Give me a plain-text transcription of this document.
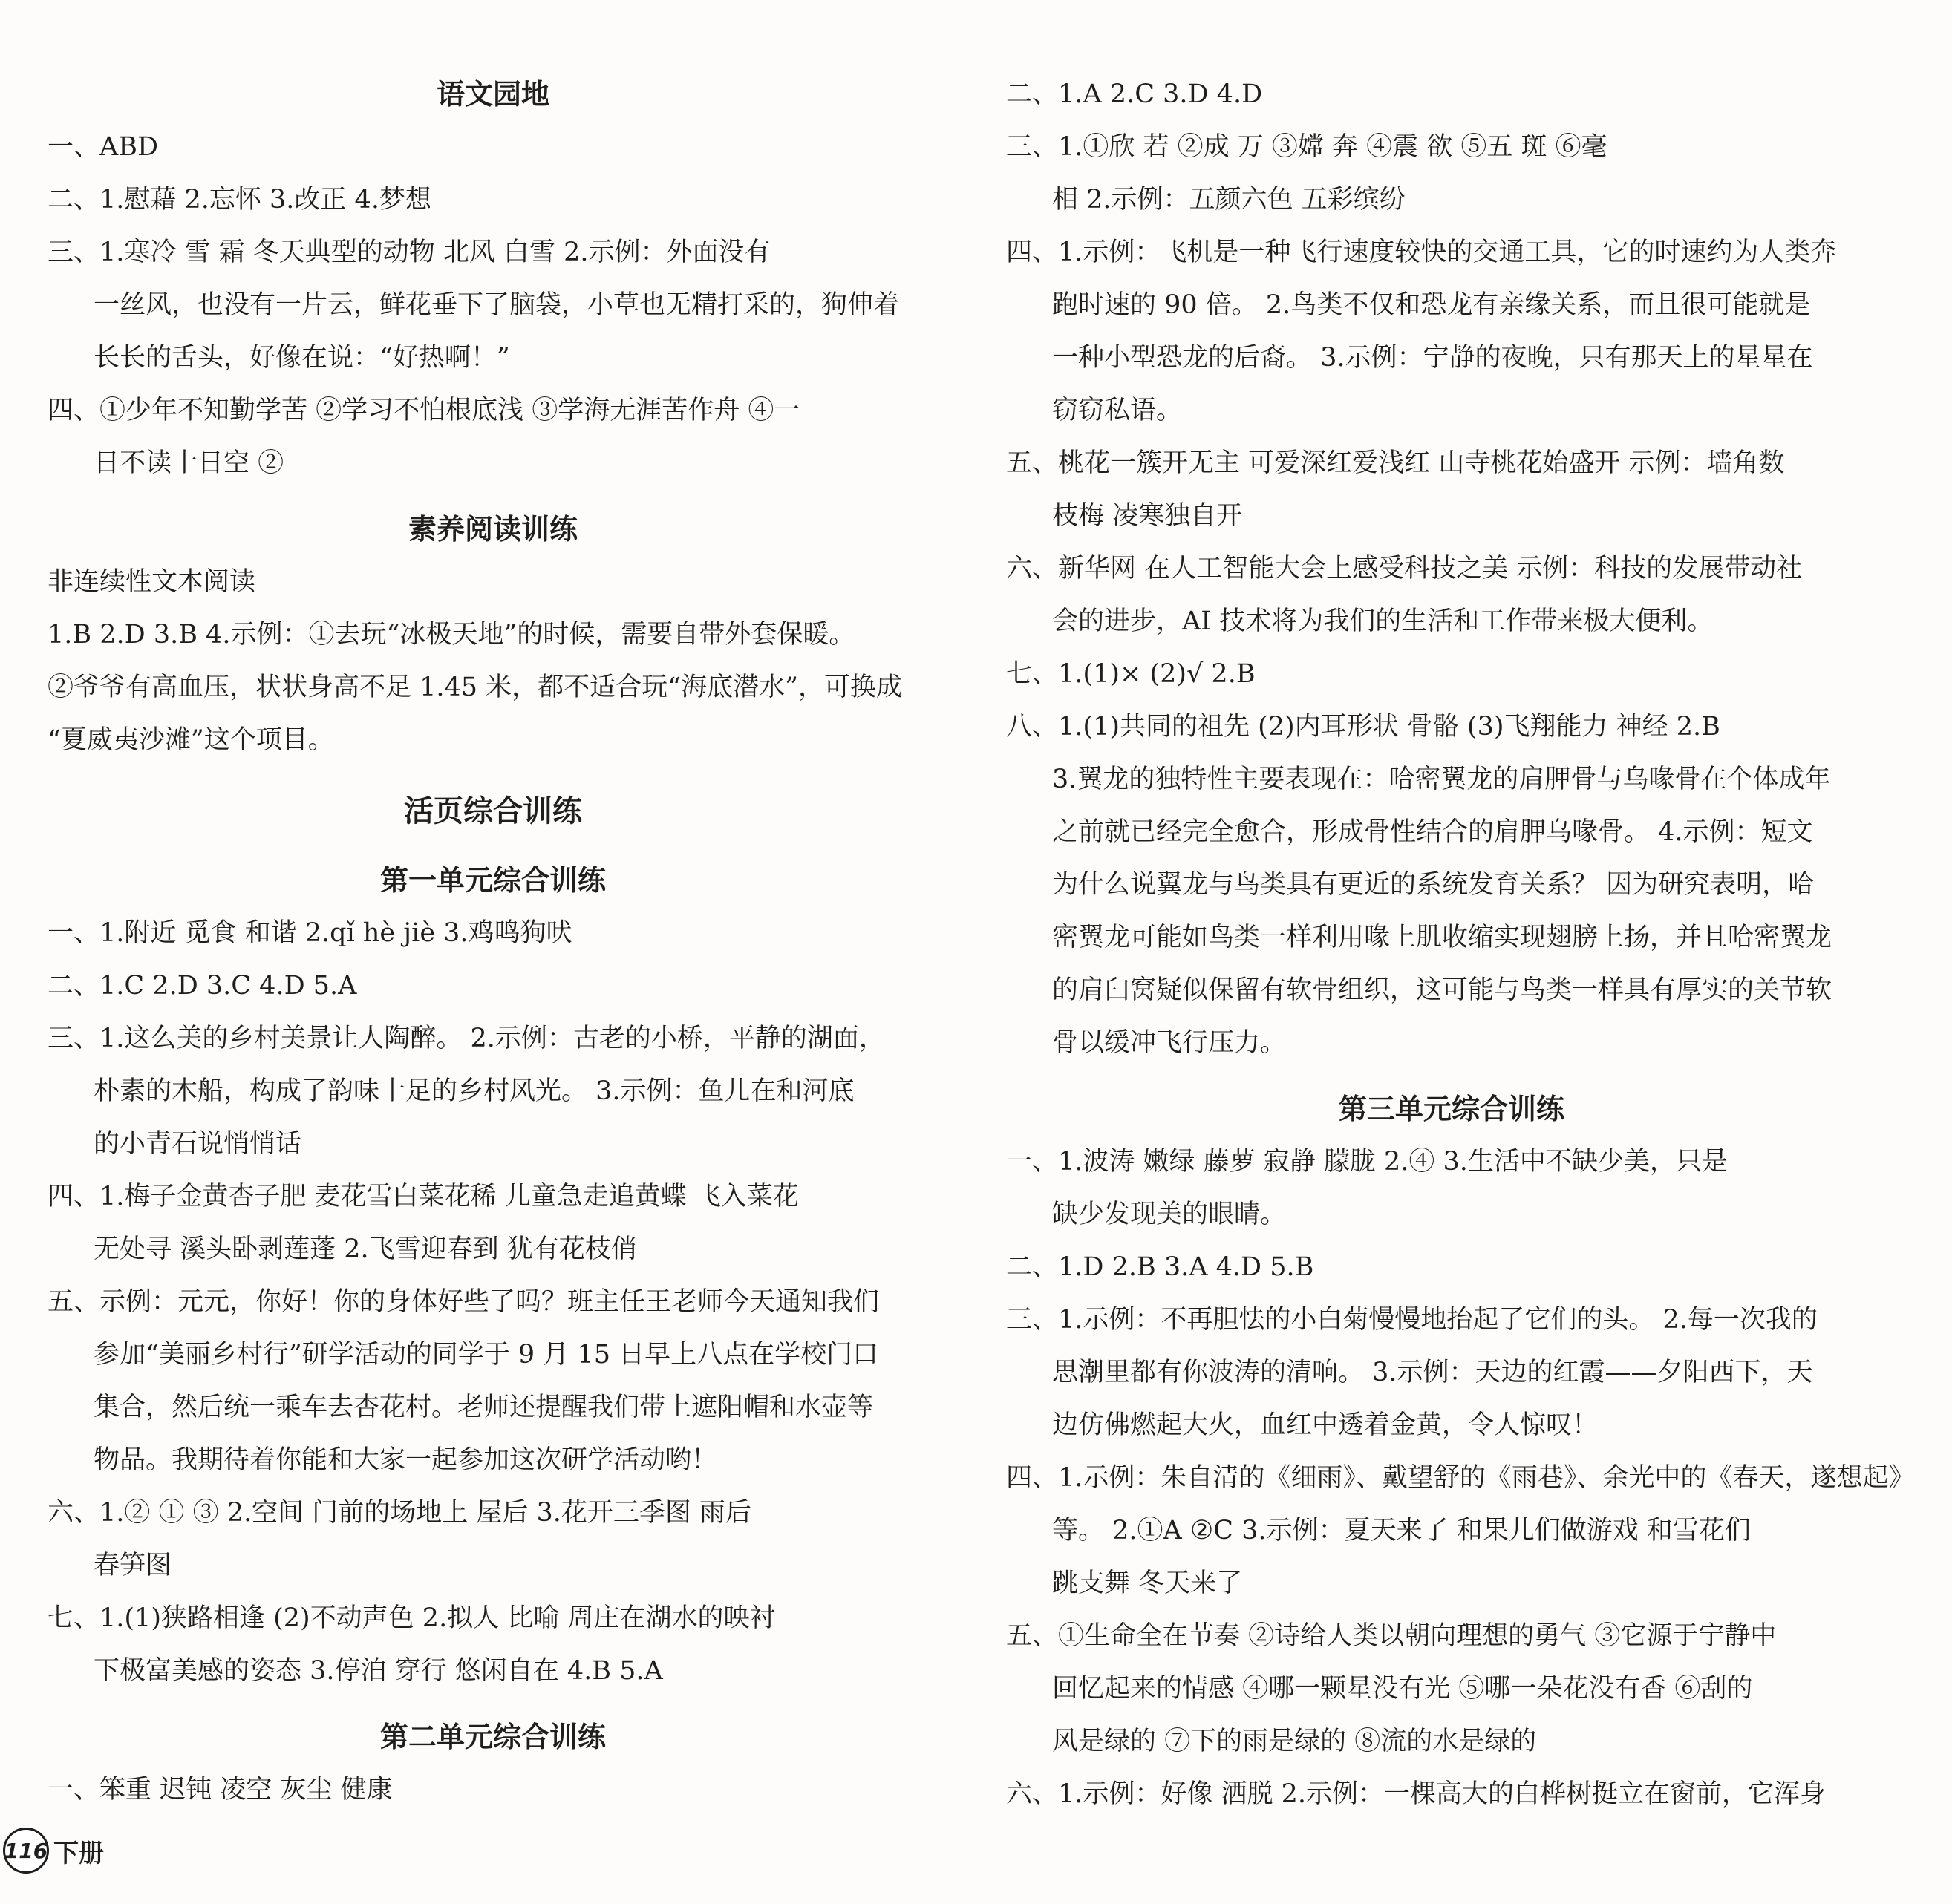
语文园地
一、ABD
二、1.慰藉 2.忘怀 3.改正 4.梦想
三、1.寒冷 雪 霜 冬天典型的动物 北风 白雪 2.示例：外面没有
一丝风，也没有一片云，鲜花垂下了脑袋，小草也无精打采的，狗伸着
长长的舌头，好像在说：“好热啊！”
四、①少年不知勤学苦 ②学习不怕根底浅 ③学海无涯苦作舟 ④一
日不读十日空 ②
素养阅读训练
非连续性文本阅读
1.B 2.D 3.B 4.示例：①去玩“冰极天地”的时候，需要自带外套保暖。
②爷爷有高血压，状状身高不足 1.45 米，都不适合玩“海底潜水”，可换成
“夏威夷沙滩”这个项目。
活页综合训练
第一单元综合训练
一、1.附近 觅食 和谐 2.qǐ hè jiè 3.鸡鸣狗吠
二、1.C 2.D 3.C 4.D 5.A
三、1.这么美的乡村美景让人陶醉。 2.示例：古老的小桥，平静的湖面，
朴素的木船，构成了韵味十足的乡村风光。 3.示例：鱼儿在和河底
的小青石说悄悄话
四、1.梅子金黄杏子肥 麦花雪白菜花稀 儿童急走追黄蝶 飞入菜花
无处寻 溪头卧剥莲蓬 2.飞雪迎春到 犹有花枝俏
五、示例：元元，你好！你的身体好些了吗？班主任王老师今天通知我们
参加“美丽乡村行”研学活动的同学于 9 月 15 日早上八点在学校门口
集合，然后统一乘车去杏花村。老师还提醒我们带上遮阳帽和水壶等
物品。我期待着你能和大家一起参加这次研学活动哟！
六、1.② ① ③ 2.空间 门前的场地上 屋后 3.花开三季图 雨后
春笋图
七、1.(1)狭路相逢 (2)不动声色 2.拟人 比喻 周庄在湖水的映衬
下极富美感的姿态 3.停泊 穿行 悠闲自在 4.B 5.A
第二单元综合训练
一、笨重 迟钝 凌空 灰尘 健康
二、1.A 2.C 3.D 4.D
三、1.①欣 若 ②成 万 ③嫦 奔 ④震 欲 ⑤五 斑 ⑥毫
相 2.示例：五颜六色 五彩缤纷
四、1.示例：飞机是一种飞行速度较快的交通工具，它的时速约为人类奔
跑时速的 90 倍。 2.鸟类不仅和恐龙有亲缘关系，而且很可能就是
一种小型恐龙的后裔。 3.示例：宁静的夜晚，只有那天上的星星在
窃窃私语。
五、桃花一簇开无主 可爱深红爱浅红 山寺桃花始盛开 示例：墙角数
枝梅 凌寒独自开
六、新华网 在人工智能大会上感受科技之美 示例：科技的发展带动社
会的进步，AI 技术将为我们的生活和工作带来极大便利。
七、1.(1)× (2)√ 2.B
八、1.(1)共同的祖先 (2)内耳形状 骨骼 (3)飞翔能力 神经 2.B
3.翼龙的独特性主要表现在：哈密翼龙的肩胛骨与乌喙骨在个体成年
之前就已经完全愈合，形成骨性结合的肩胛乌喙骨。 4.示例：短文
为什么说翼龙与鸟类具有更近的系统发育关系？ 因为研究表明，哈
密翼龙可能如鸟类一样利用喙上肌收缩实现翅膀上扬，并且哈密翼龙
的肩臼窝疑似保留有软骨组织，这可能与鸟类一样具有厚实的关节软
骨以缓冲飞行压力。
第三单元综合训练
一、1.波涛 嫩绿 藤萝 寂静 朦胧 2.④ 3.生活中不缺少美，只是
缺少发现美的眼睛。
二、1.D 2.B 3.A 4.D 5.B
三、1.示例：不再胆怯的小白菊慢慢地抬起了它们的头。 2.每一次我的
思潮里都有你波涛的清响。 3.示例：天边的红霞——夕阳西下，天
边仿佛燃起大火，血红中透着金黄，令人惊叹！
四、1.示例：朱自清的《细雨》、戴望舒的《雨巷》、余光中的《春天，遂想起》
等。 2.①A ②C 3.示例：夏天来了 和果儿们做游戏 和雪花们
跳支舞 冬天来了
五、①生命全在节奏 ②诗给人类以朝向理想的勇气 ③它源于宁静中
回忆起来的情感 ④哪一颗星没有光 ⑤哪一朵花没有香 ⑥刮的
风是绿的 ⑦下的雨是绿的 ⑧流的水是绿的
六、1.示例：好像 洒脱 2.示例：一棵高大的白桦树挺立在窗前，它浑身
116 下册
